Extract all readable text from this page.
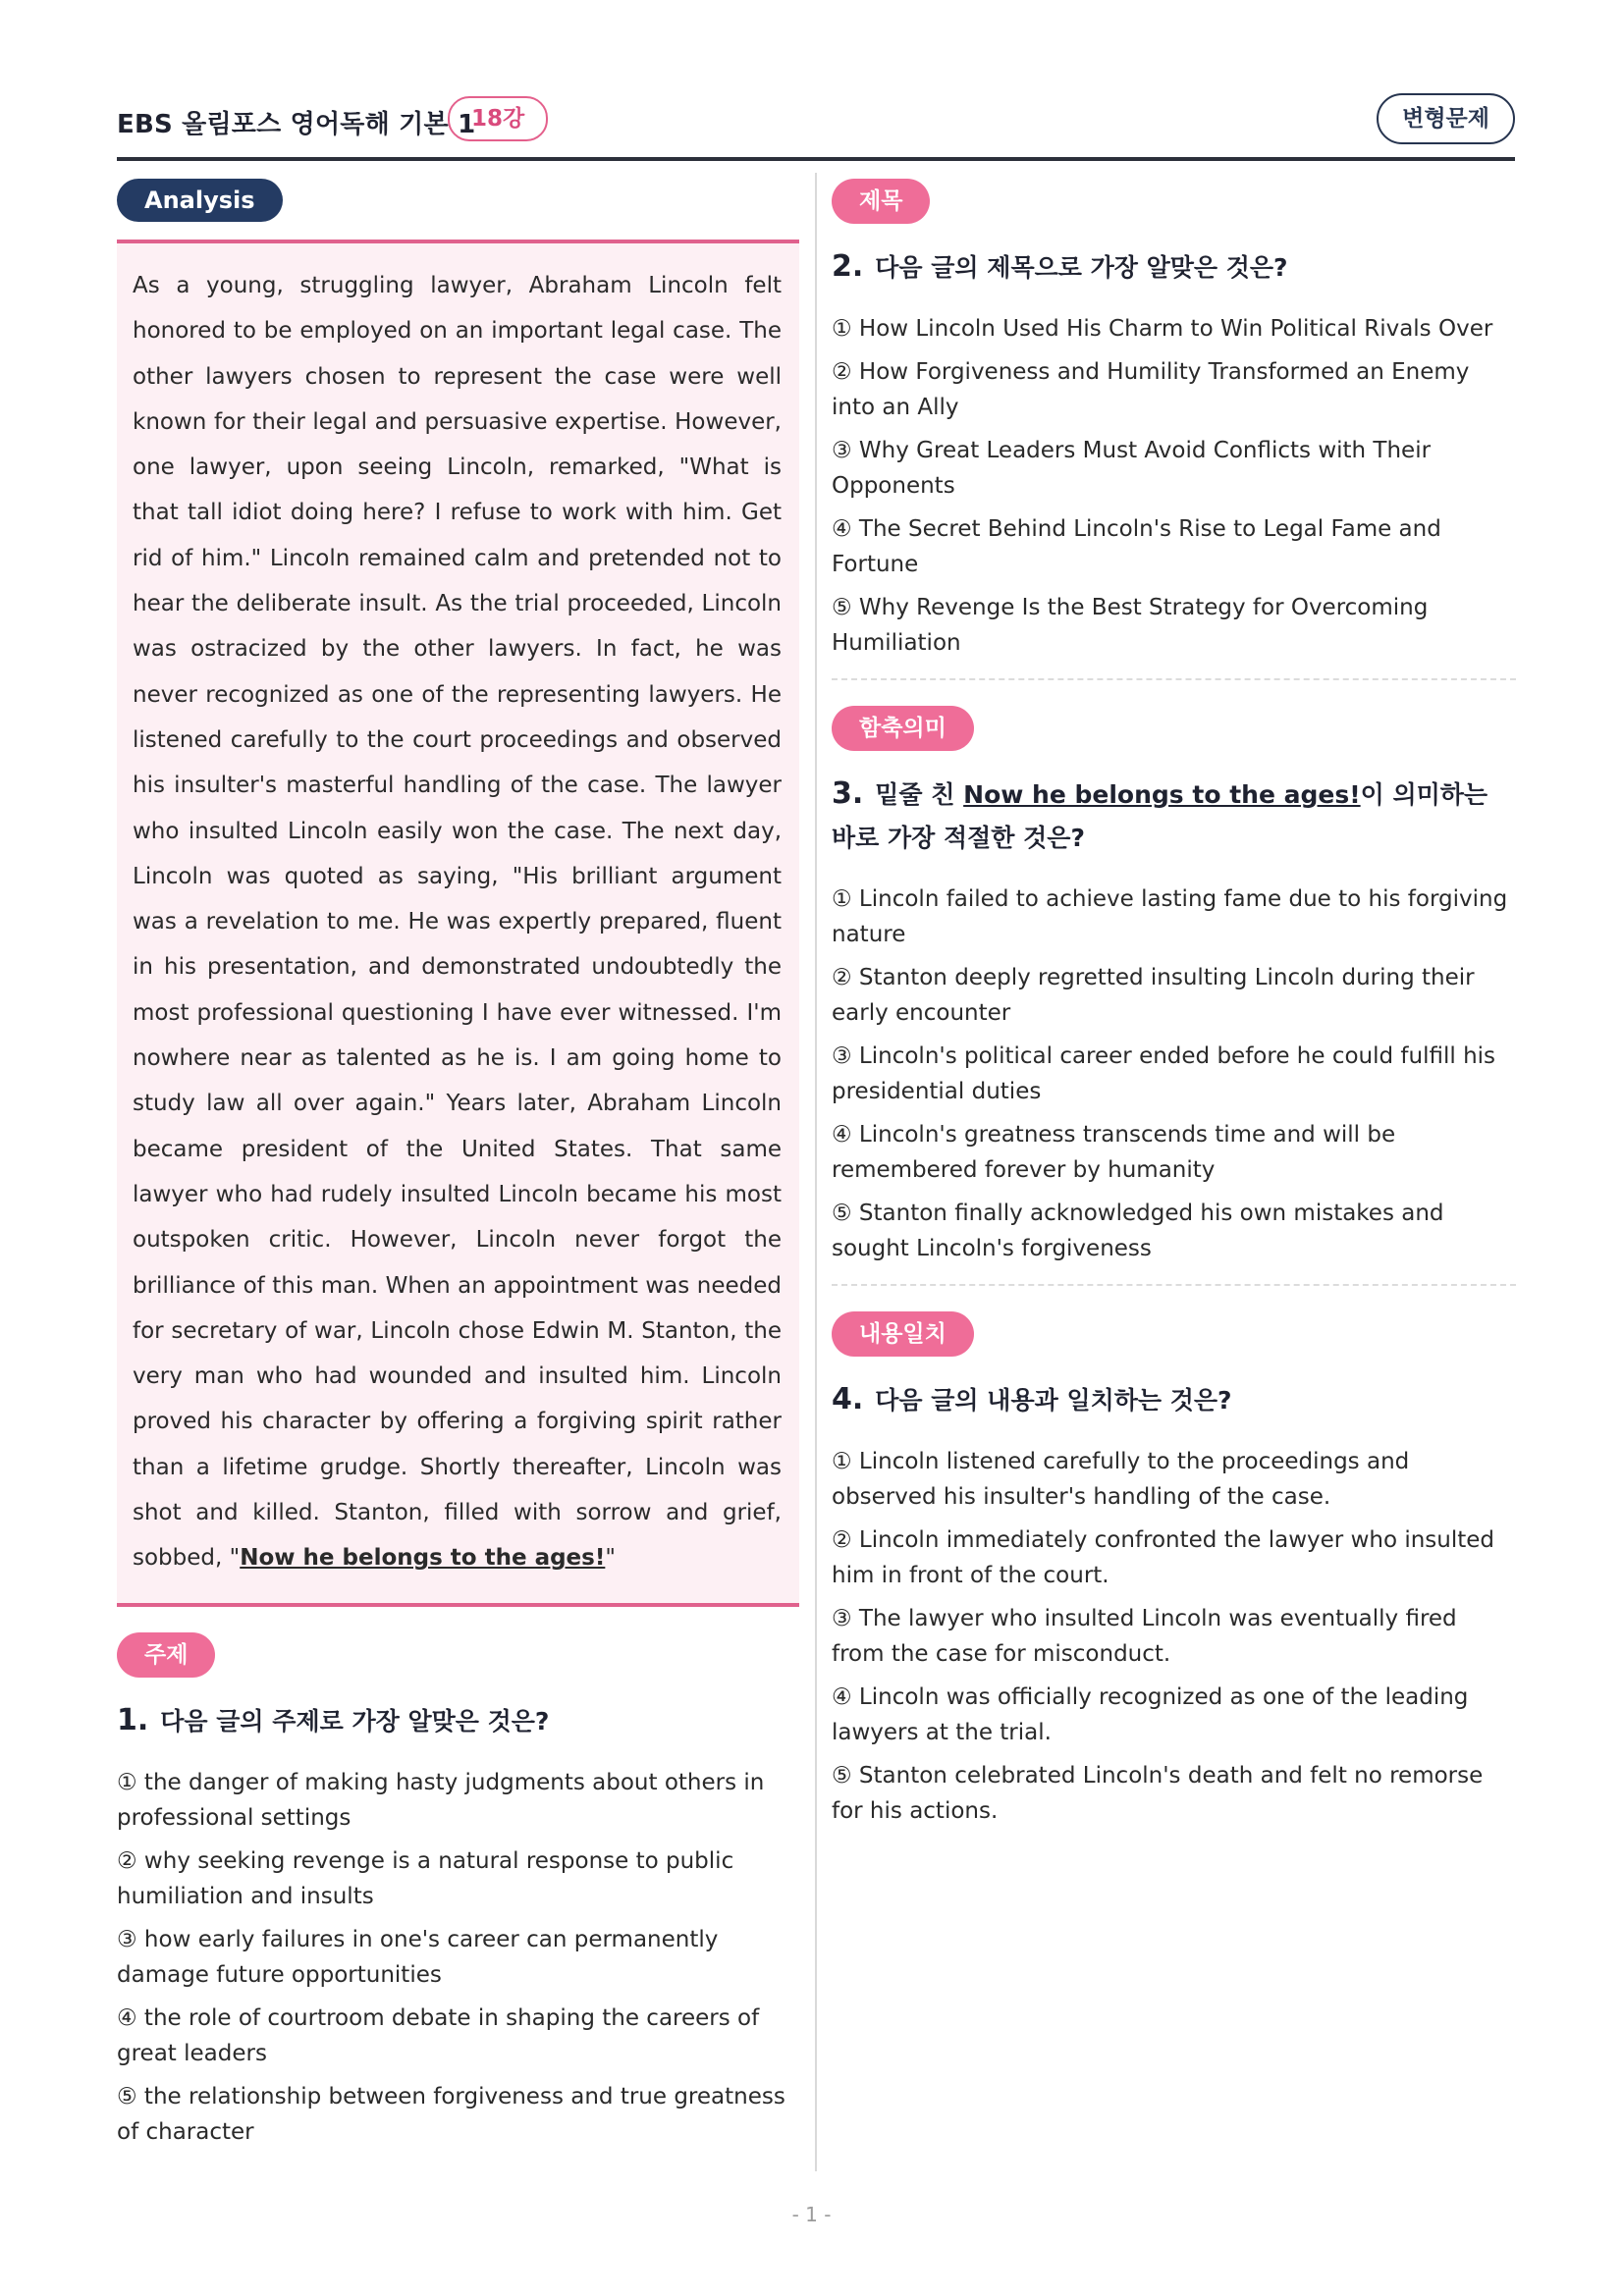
EBS 올림포스 영어독해 기본 1
18강	변형문제
Analysis

As a young, struggling lawyer, Abraham Lincoln felt honored to be employed on an important legal case. The other lawyers chosen to represent the case were well known for their legal and persuasive expertise. However, one lawyer, upon seeing Lincoln, remarked, "What is that tall idiot doing here? I refuse to work with him. Get rid of him." Lincoln remained calm and pretended not to hear the deliberate insult. As the trial proceeded, Lincoln was ostracized by the other lawyers. In fact, he was never recognized as one of the representing lawyers. He listened carefully to the court proceedings and observed his insulter's masterful handling of the case. The lawyer who insulted Lincoln easily won the case. The next day, Lincoln was quoted as saying, "His brilliant argument was a revelation to me. He was expertly prepared, fluent in his presentation, and demonstrated undoubtedly the most professional questioning I have ever witnessed. I'm nowhere near as talented as he is. I am going home to study law all over again." Years later, Abraham Lincoln became president of the United States. That same lawyer who had rudely insulted Lincoln became his most outspoken critic. However, Lincoln never forgot the brilliance of this man. When an appointment was needed for secretary of war, Lincoln chose Edwin M. Stanton, the very man who had wounded and insulted him. Lincoln proved his character by offering a forgiving spirit rather than a lifetime grudge. Shortly thereafter, Lincoln was shot and killed. Stanton, filled with sorrow and grief, sobbed, "Now he belongs to the ages!"

주제
1. 다음 글의 주제로 가장 알맞은 것은?
① the danger of making hasty judgments about others in professional settings
② why seeking revenge is a natural response to public humiliation and insults
③ how early failures in one's career can permanently damage future opportunities
④ the role of courtroom debate in shaping the careers of great leaders
⑤ the relationship between forgiveness and true greatness of character
제목
2. 다음 글의 제목으로 가장 알맞은 것은?
① How Lincoln Used His Charm to Win Political Rivals Over
② How Forgiveness and Humility Transformed an Enemy into an Ally
③ Why Great Leaders Must Avoid Conflicts with Their Opponents
④ The Secret Behind Lincoln's Rise to Legal Fame and Fortune
⑤ Why Revenge Is the Best Strategy for Overcoming Humiliation
함축의미
3. 밑줄 친 Now he belongs to the ages!이 의미하는 바로 가장 적절한 것은?
① Lincoln failed to achieve lasting fame due to his forgiving nature
② Stanton deeply regretted insulting Lincoln during their early encounter
③ Lincoln's political career ended before he could fulfill his presidential duties
④ Lincoln's greatness transcends time and will be remembered forever by humanity
⑤ Stanton finally acknowledged his own mistakes and sought Lincoln's forgiveness
내용일치
4. 다음 글의 내용과 일치하는 것은?
① Lincoln listened carefully to the proceedings and observed his insulter's handling of the case.
② Lincoln immediately confronted the lawyer who insulted him in front of the court.
③ The lawyer who insulted Lincoln was eventually fired from the case for misconduct.
④ Lincoln was officially recognized as one of the leading lawyers at the trial.
⑤ Stanton celebrated Lincoln's death and felt no remorse for his actions.
- 1 -
